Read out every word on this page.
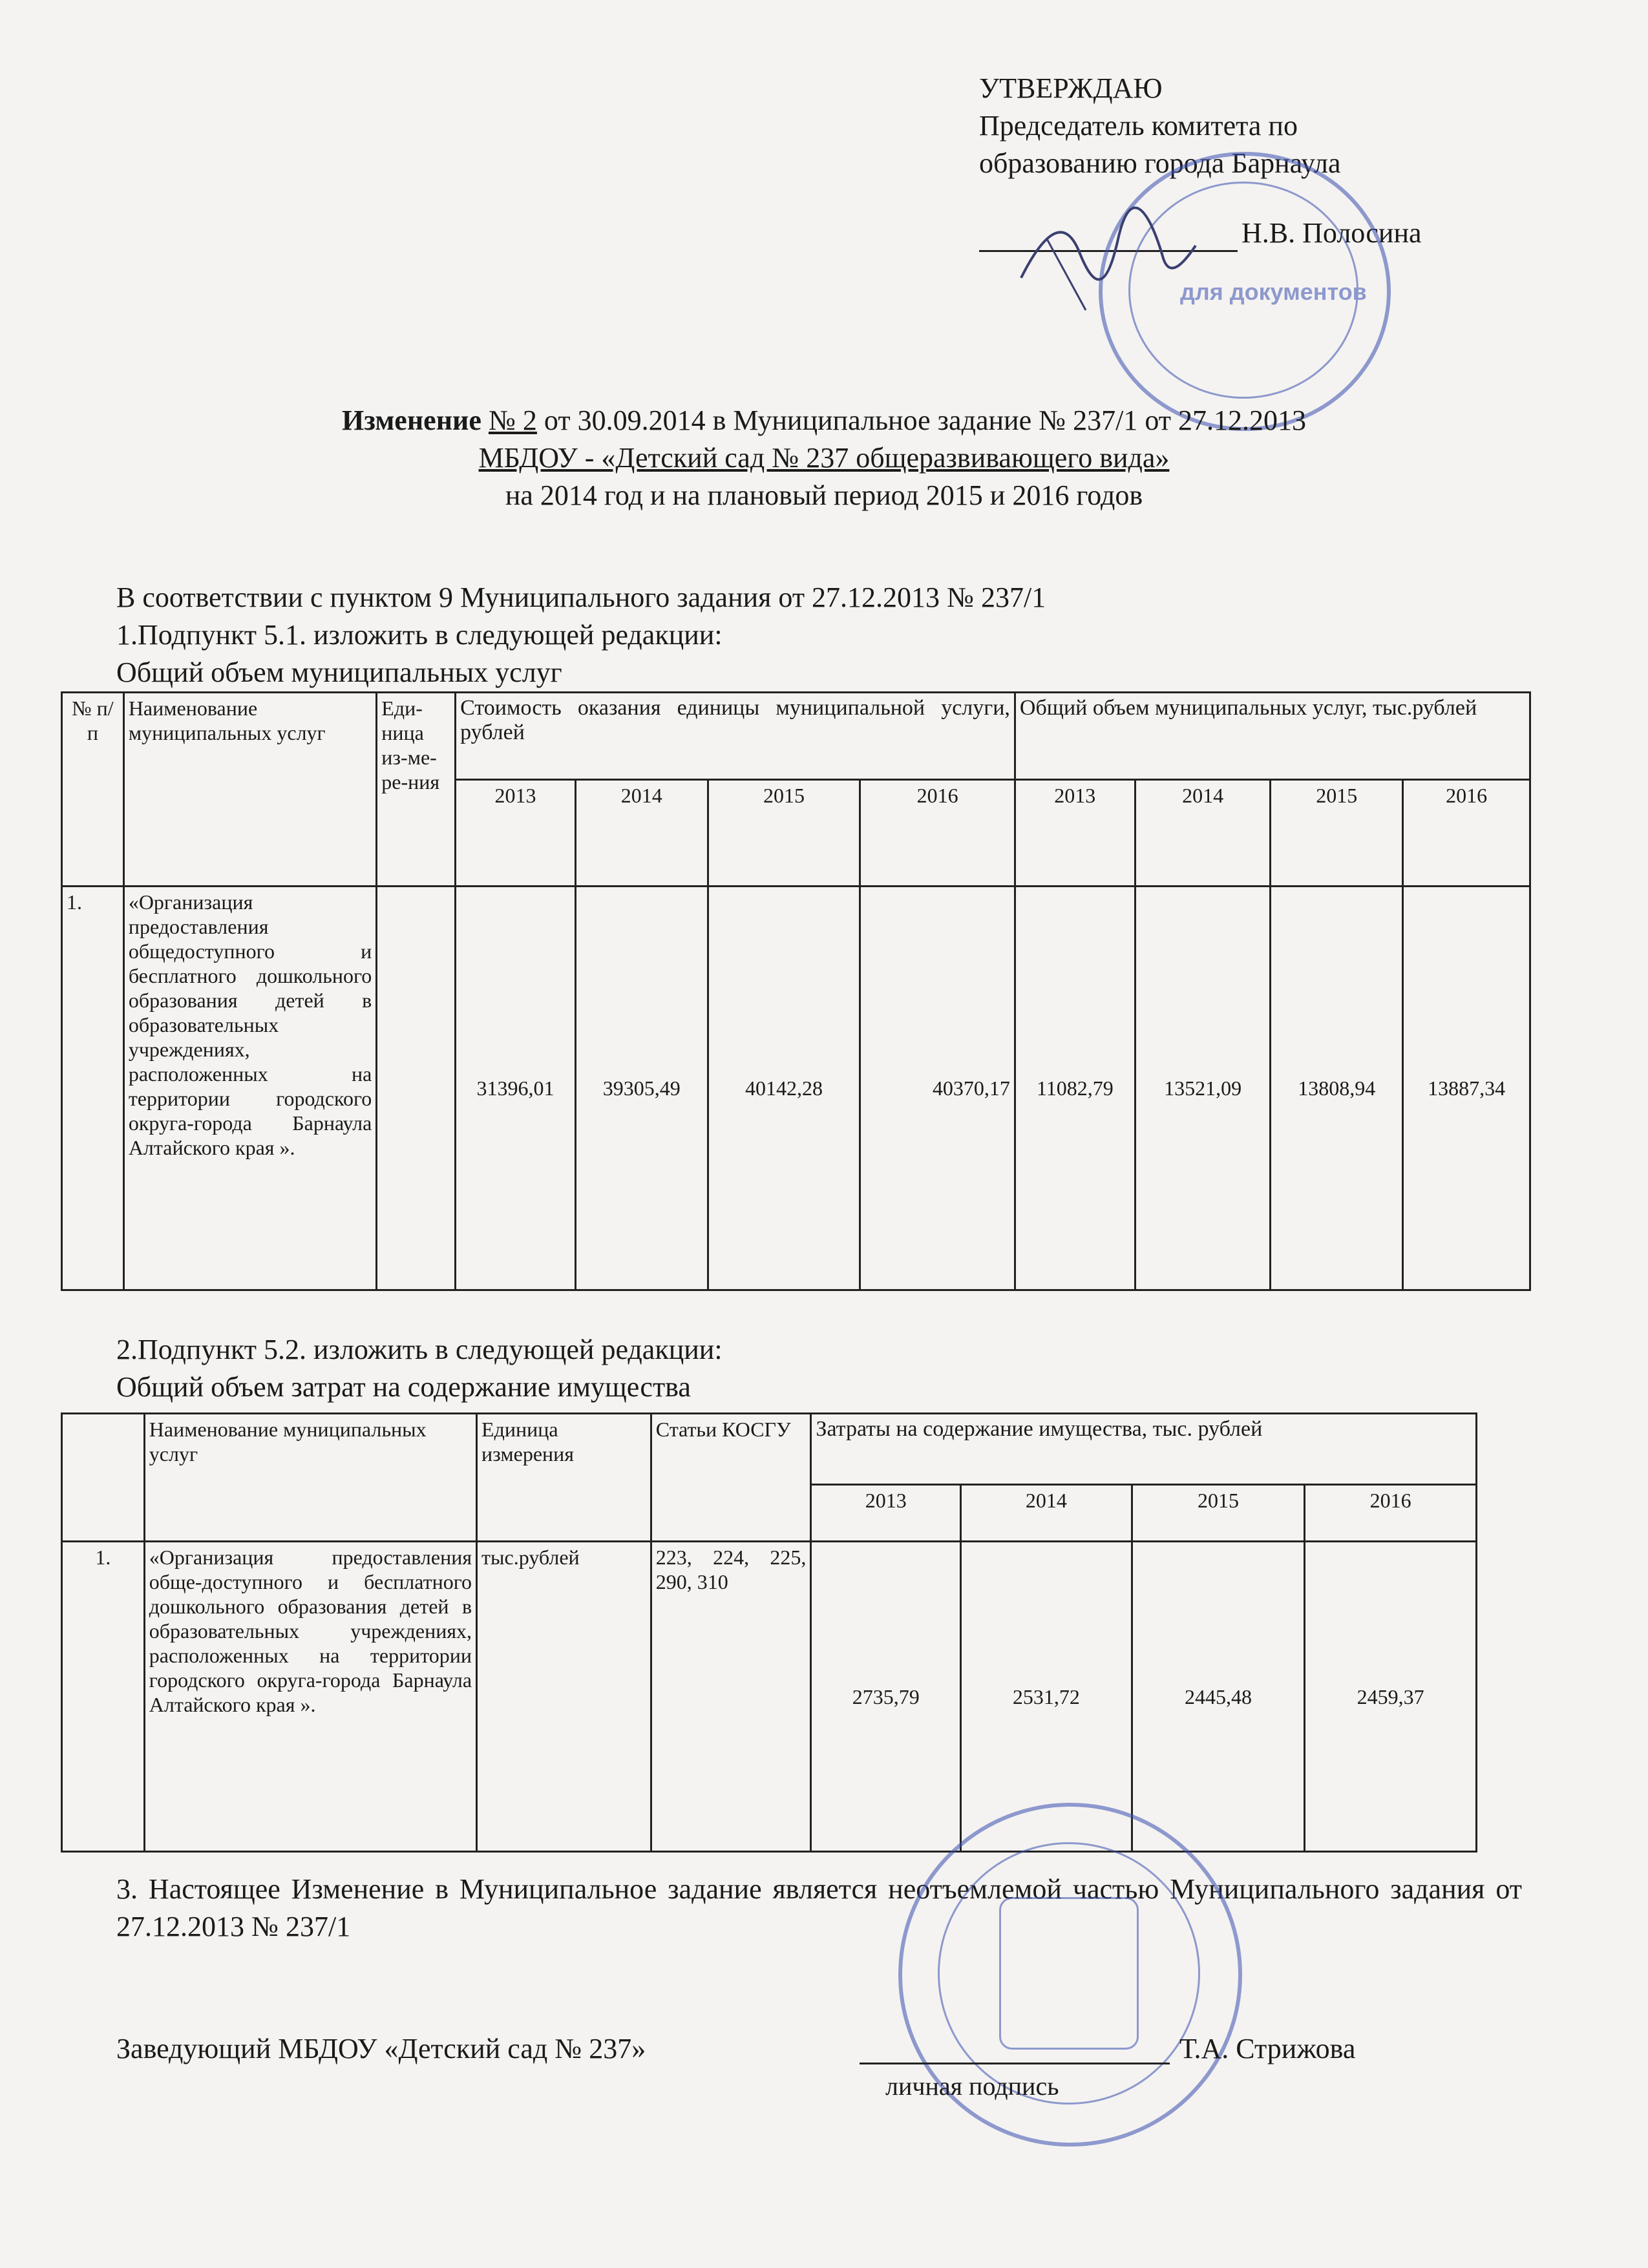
УТВЕРЖДАЮ
Председатель комитета по
образованию города Барнаула
Н.В. Полосина
для документов
Изменение № 2 от 30.09.2014 в Муниципальное задание № 237/1 от 27.12.2013
МБДОУ - «Детский сад № 237 общеразвивающего вида»
на 2014 год и на плановый период 2015 и 2016 годов
В соответствии с пунктом 9 Муниципального задания от 27.12.2013 № 237/1
1.Подпункт 5.1. изложить в следующей редакции:
Общий объем муниципальных услуг
№ п/п	Наименование муниципальных услуг	Еди-ница из-ме-ре-ния	Стоимость оказания единицы муниципальной услуги, рублей				Общий объем муниципальных услуг, тыс.рублей			
			2013	2014	2015	2016	2013	2014	2015	2016
1.	«Организация предоставления общедоступного и бесплатного дошкольного образования детей в образовательных учреждениях, расположенных на территории городского округа-города Барнаула Алтайского края ».		31396,01	39305,49	40142,28	40370,17	11082,79	13521,09	13808,94	13887,34
2.Подпункт 5.2. изложить в следующей редакции:
Общий объем затрат на содержание имущества
	Наименование муниципальных услуг	Единица измерения	Статьи КОСГУ	Затраты на содержание имущества, тыс. рублей			
				2013	2014	2015	2016
1.	«Организация предоставления обще-доступного и бесплатного дошкольного образования детей в образовательных учреждениях, расположенных на территории городского округа-города Барнаула Алтайского края ».	тыс.рублей	223, 224, 225, 290, 310	2735,79	2531,72	2445,48	2459,37
3. Настоящее Изменение в Муниципальное задание является неотъемлемой частью Муниципального задания от 27.12.2013 № 237/1
Заведующий МБДОУ «Детский сад № 237»	Т.А. Стрижова
личная подпись
